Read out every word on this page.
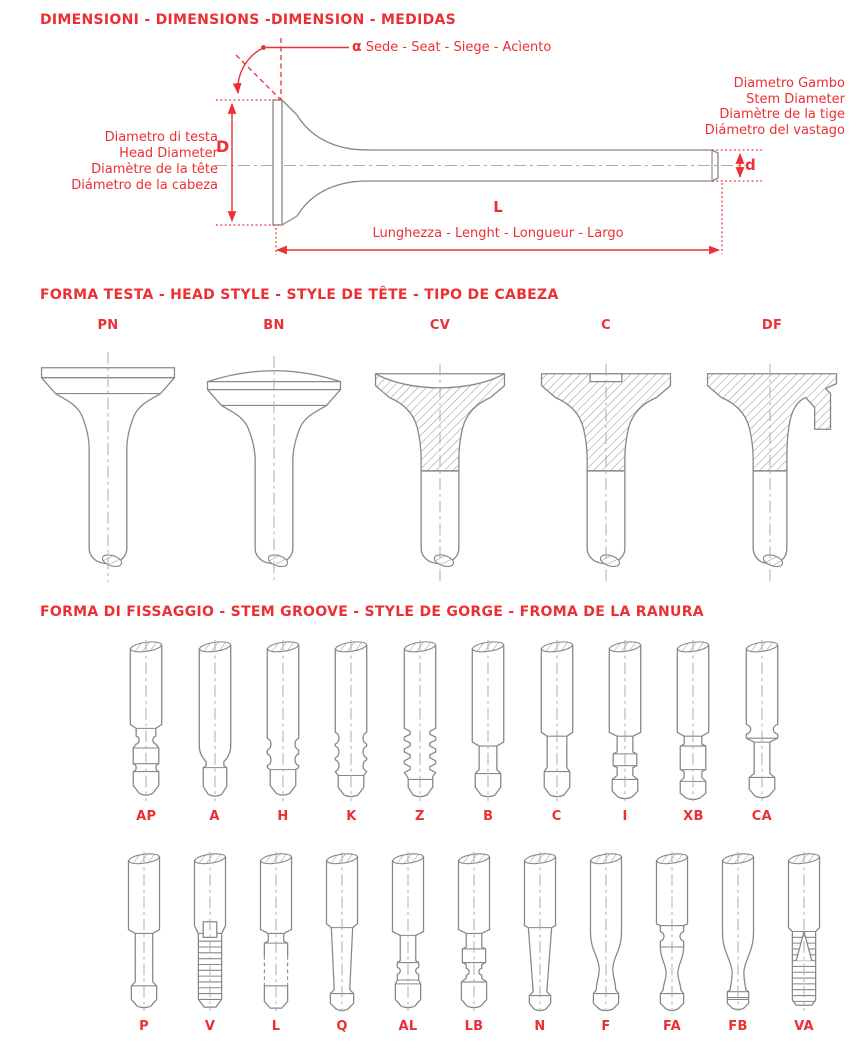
DIMENSIONI - DIMENSIONS -DIMENSION - MEDIDAS
α Sede - Seat - Siege - Acìento
Diametro di testa
Head Diameter
Diamètre de la tête
Diámetro de la cabeza
Diametro Gambo
Stem Diameter
Diamètre de la tige
Diámetro del vastago
D
d
L
Lunghezza - Lenght - Longueur - Largo
FORMA TESTA - HEAD STYLE - STYLE DE TÊTE - TIPO DE CABEZA
PN	BN	CV	C	DF
FORMA DI FISSAGGIO - STEM GROOVE - STYLE DE GORGE - FROMA DE LA RANURA
AP	A	H	K	Z	B	C	I	XB	CA
P	V	L	Q	AL	LB	N	F	FA	FB	VA
